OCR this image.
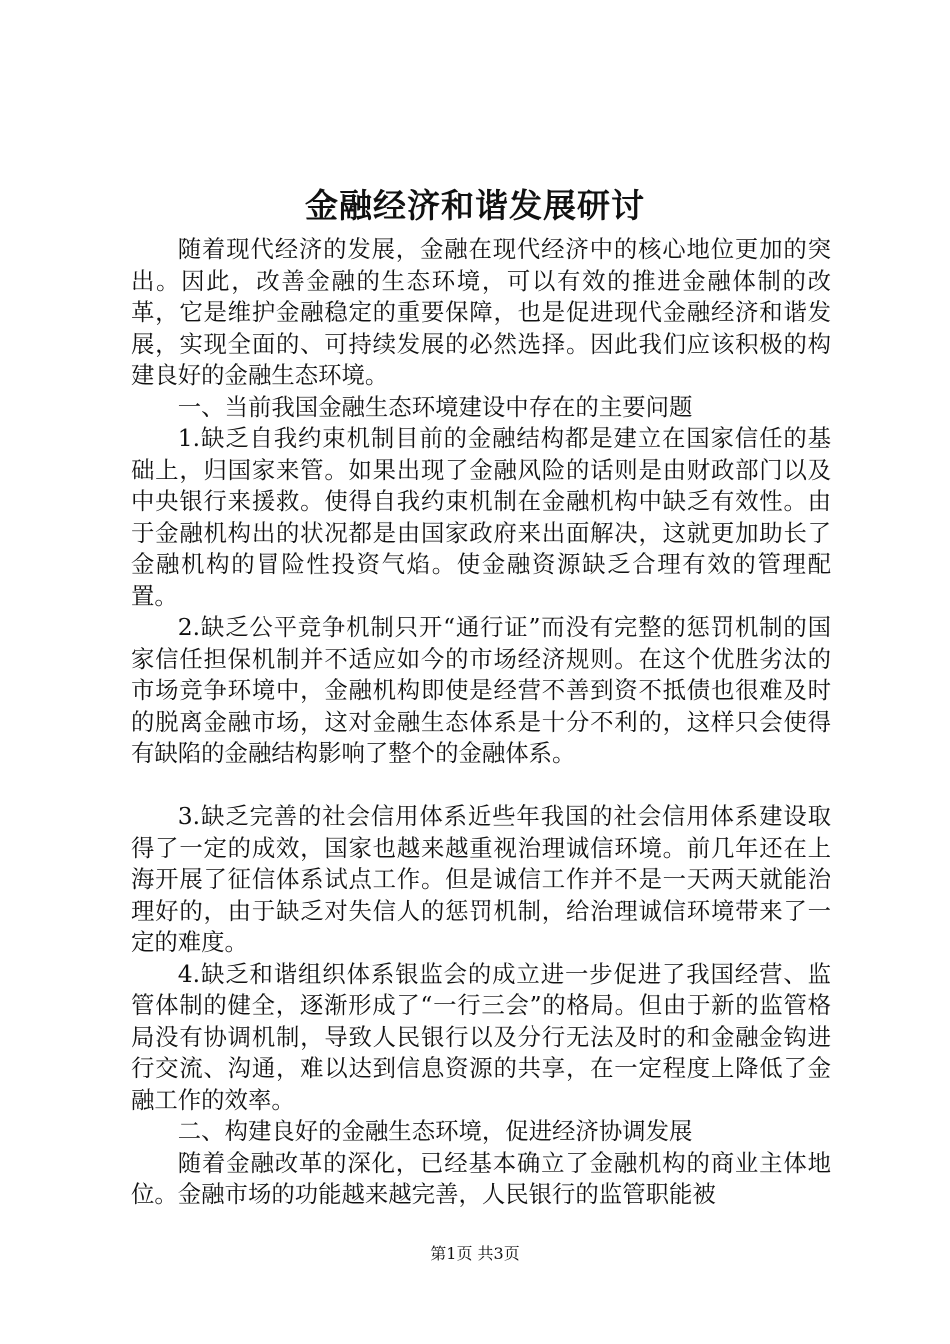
金融经济和谐发展研讨

随着现代经济的发展，金融在现代经济中的核心地位更加的突出。因此，改善金融的生态环境，可以有效的推进金融体制的改革，它是维护金融稳定的重要保障，也是促进现代金融经济和谐发展，实现全面的、可持续发展的必然选择。因此我们应该积极的构建良好的金融生态环境。

一、当前我国金融生态环境建设中存在的主要问题

1.缺乏自我约束机制目前的金融结构都是建立在国家信任的基础上，归国家来管。如果出现了金融风险的话则是由财政部门以及中央银行来援救。使得自我约束机制在金融机构中缺乏有效性。由于金融机构出的状况都是由国家政府来出面解决，这就更加助长了金融机构的冒险性投资气焰。使金融资源缺乏合理有效的管理配置。

2.缺乏公平竞争机制只开“通行证”而没有完整的惩罚机制的国家信任担保机制并不适应如今的市场经济规则。在这个优胜劣汰的市场竞争环境中，金融机构即使是经营不善到资不抵债也很难及时的脱离金融市场，这对金融生态体系是十分不利的，这样只会使得有缺陷的金融结构影响了整个的金融体系。

3.缺乏完善的社会信用体系近些年我国的社会信用体系建设取得了一定的成效，国家也越来越重视治理诚信环境。前几年还在上海开展了征信体系试点工作。但是诚信工作并不是一天两天就能治理好的，由于缺乏对失信人的惩罚机制，给治理诚信环境带来了一定的难度。

4.缺乏和谐组织体系银监会的成立进一步促进了我国经营、监管体制的健全，逐渐形成了“一行三会”的格局。但由于新的监管格局没有协调机制，导致人民银行以及分行无法及时的和金融金钩进行交流、沟通，难以达到信息资源的共享，在一定程度上降低了金融工作的效率。

二、构建良好的金融生态环境，促进经济协调发展

随着金融改革的深化，已经基本确立了金融机构的商业主体地位。金融市场的功能越来越完善，人民银行的监管职能被

第1页 共3页
